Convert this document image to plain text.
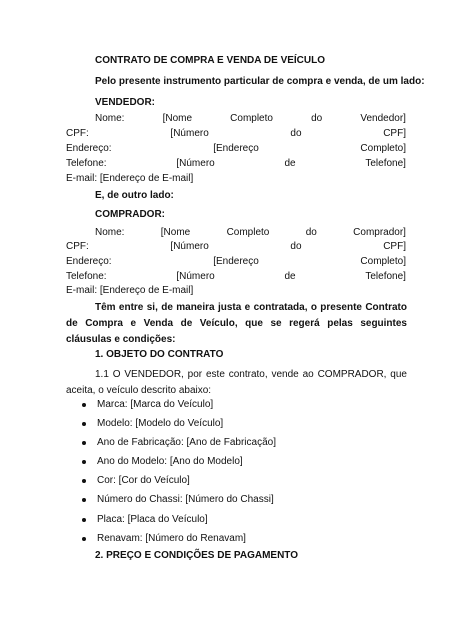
CONTRATO DE COMPRA E VENDA DE VEÍCULO
Pelo presente instrumento particular de compra e venda, de um lado:
VENDEDOR:
Nome:	[Nome	Completo	do	Vendedor]
CPF:	[Número	do	CPF]
Endereço:	[Endereço	Completo]
Telefone:	[Número	de	Telefone]
E-mail: [Endereço de E-mail]
E, de outro lado:
COMPRADOR:
Nome:	[Nome	Completo	do	Comprador]
CPF:	[Número	do	CPF]
Endereço:	[Endereço	Completo]
Telefone:	[Número	de	Telefone]
E-mail: [Endereço de E-mail]
Têm entre si, de maneira justa e contratada, o presente Contrato de Compra e Venda de Veículo, que se regerá pelas seguintes cláusulas e condições:
1. OBJETO DO CONTRATO
1.1 O VENDEDOR, por este contrato, vende ao COMPRADOR, que aceita, o veículo descrito abaixo:
Marca: [Marca do Veículo]
Modelo: [Modelo do Veículo]
Ano de Fabricação: [Ano de Fabricação]
Ano do Modelo: [Ano do Modelo]
Cor: [Cor do Veículo]
Número do Chassi: [Número do Chassi]
Placa: [Placa do Veículo]
Renavam: [Número do Renavam]
2. PREÇO E CONDIÇÕES DE PAGAMENTO
